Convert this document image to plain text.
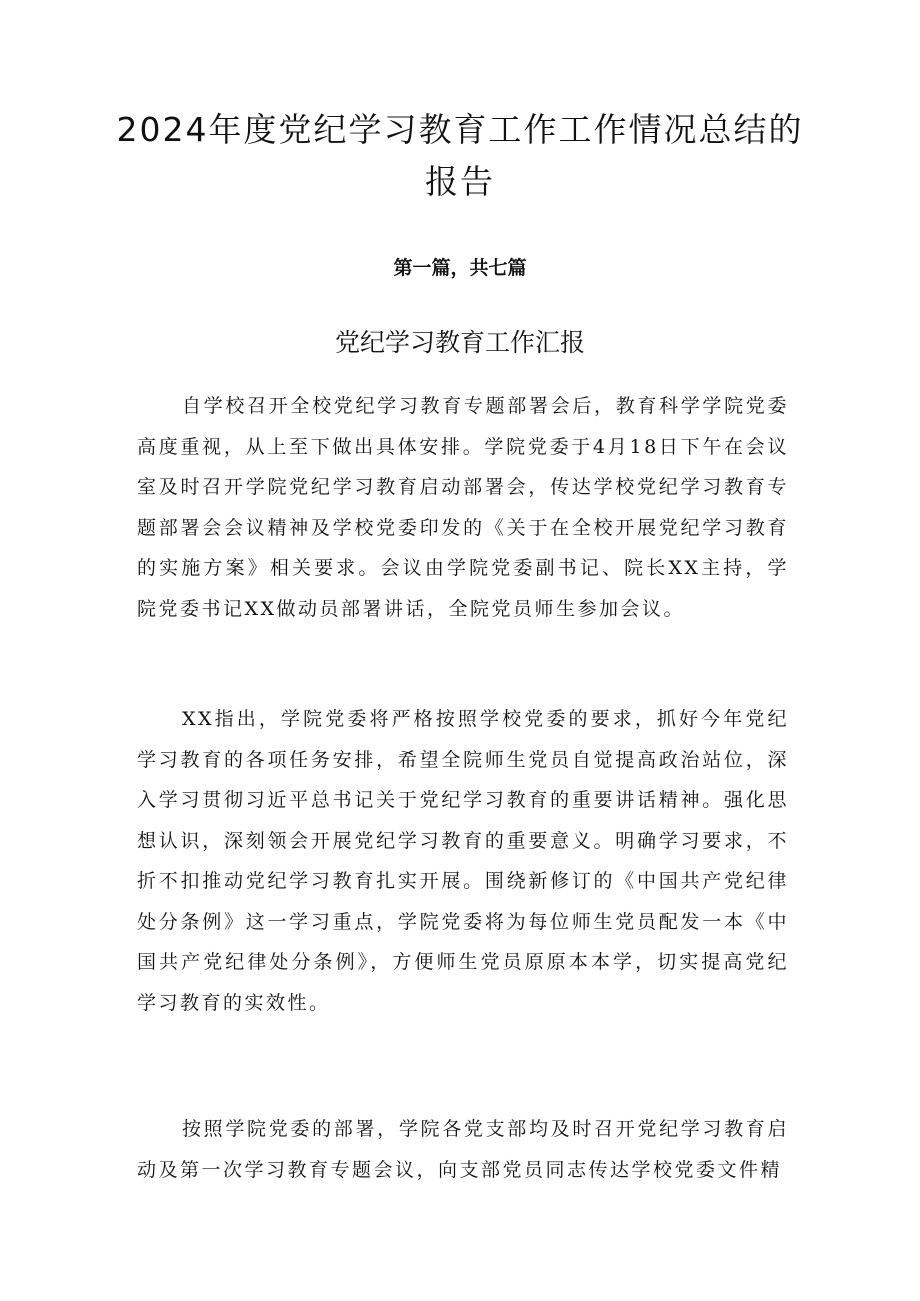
2024年度党纪学习教育工作工作情况总结的报告

第一篇，共七篇

党纪学习教育工作汇报

自学校召开全校党纪学习教育专题部署会后，教育科学学院党委高度重视，从上至下做出具体安排。学院党委于4月18日下午在会议室及时召开学院党纪学习教育启动部署会，传达学校党纪学习教育专题部署会会议精神及学校党委印发的《关于在全校开展党纪学习教育的实施方案》相关要求。会议由学院党委副书记、院长XX主持，学院党委书记XX做动员部署讲话，全院党员师生参加会议。

XX指出，学院党委将严格按照学校党委的要求，抓好今年党纪学习教育的各项任务安排，希望全院师生党员自觉提高政治站位，深入学习贯彻习近平总书记关于党纪学习教育的重要讲话精神。强化思想认识，深刻领会开展党纪学习教育的重要意义。明确学习要求，不折不扣推动党纪学习教育扎实开展。围绕新修订的《中国共产党纪律处分条例》这一学习重点，学院党委将为每位师生党员配发一本《中国共产党纪律处分条例》，方便师生党员原原本本学，切实提高党纪学习教育的实效性。

按照学院党委的部署，学院各党支部均及时召开党纪学习教育启动及第一次学习教育专题会议，向支部党员同志传达学校党委文件精
